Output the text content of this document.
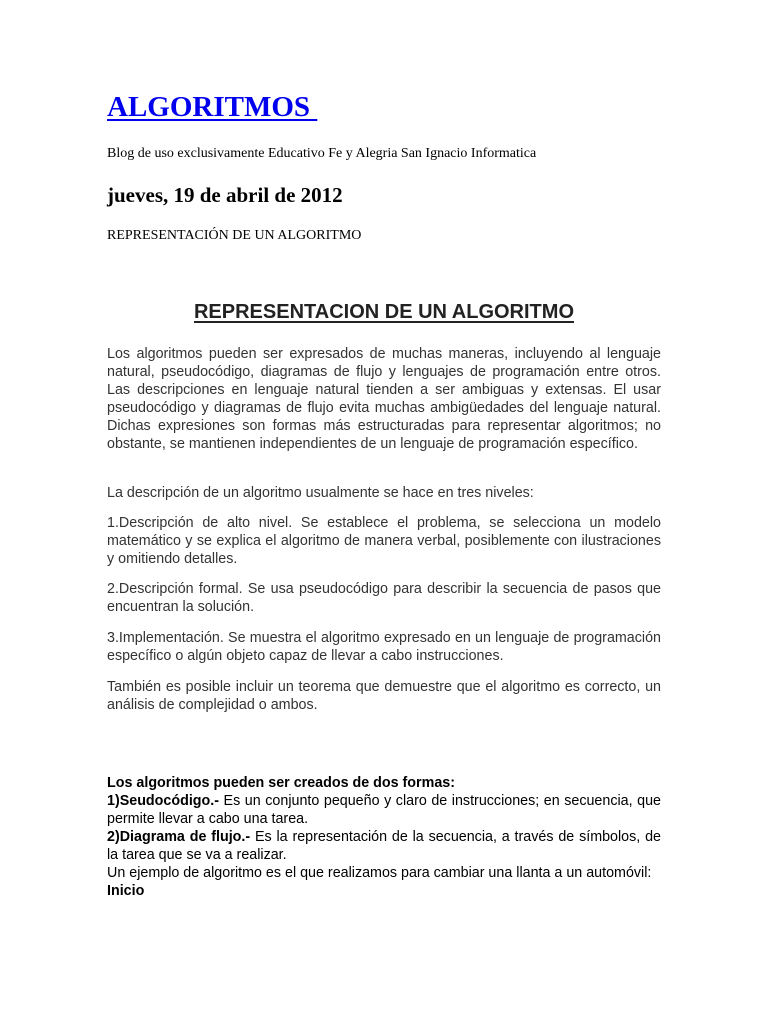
ALGORITMOS

Blog de uso exclusivamente Educativo Fe y Alegria San Ignacio Informatica

jueves, 19 de abril de 2012

REPRESENTACIÓN DE UN ALGORITMO

REPRESENTACION DE UN ALGORITMO

Los algoritmos pueden ser expresados de muchas maneras, incluyendo al lenguaje natural, pseudocódigo, diagramas de flujo y lenguajes de programación entre otros. Las descripciones en lenguaje natural tienden a ser ambiguas y extensas. El usar pseudocódigo y diagramas de flujo evita muchas ambigüedades del lenguaje natural. Dichas expresiones son formas más estructuradas para representar algoritmos; no obstante, se mantienen independientes de un lenguaje de programación específico.

La descripción de un algoritmo usualmente se hace en tres niveles:

1.Descripción de alto nivel. Se establece el problema, se selecciona un modelo matemático y se explica el algoritmo de manera verbal, posiblemente con ilustraciones y omitiendo detalles.

2.Descripción formal. Se usa pseudocódigo para describir la secuencia de pasos que encuentran la solución.

3.Implementación. Se muestra el algoritmo expresado en un lenguaje de programación específico o algún objeto capaz de llevar a cabo instrucciones.

También es posible incluir un teorema que demuestre que el algoritmo es correcto, un análisis de complejidad o ambos.

Los algoritmos pueden ser creados de dos formas:
1)Seudocódigo.- Es un conjunto pequeño y claro de instrucciones; en secuencia, que permite llevar a cabo una tarea.
2)Diagrama de flujo.- Es la representación de la secuencia, a través de símbolos, de la tarea que se va a realizar.
Un ejemplo de algoritmo es el que realizamos para cambiar una llanta a un automóvil:
Inicio
